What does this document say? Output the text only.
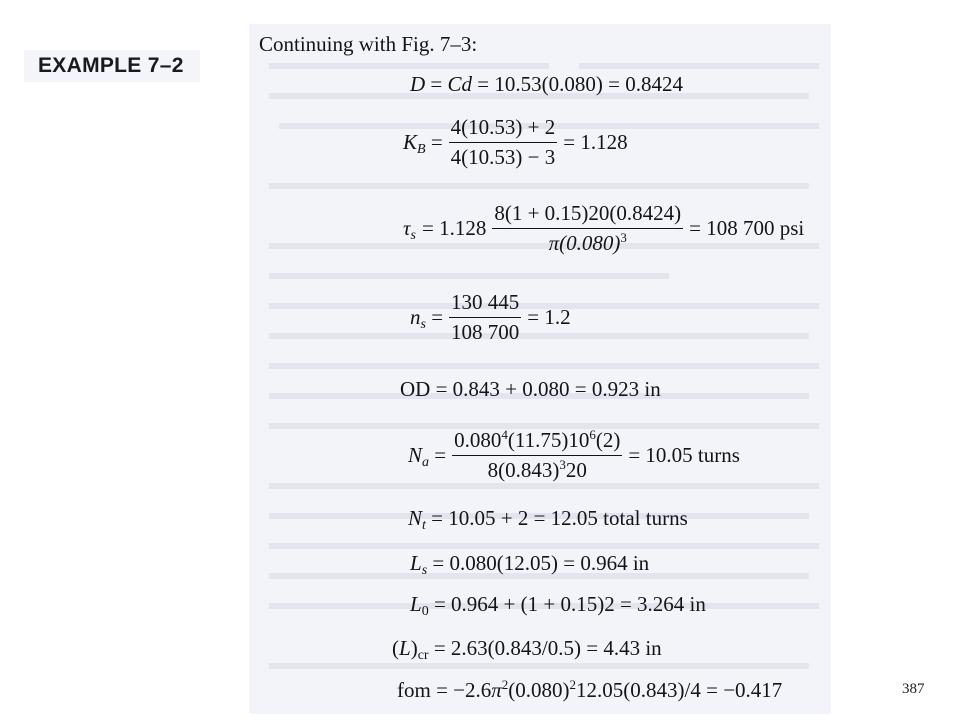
EXAMPLE 7–2
Continuing with Fig. 7–3:
D = Cd = 10.53(0.080) = 0.8424
$K_B = \frac{4(10.53) + 2}{4(10.53) - 3} = 1.128$
$\tau_s = 1.128 \frac{8(1 + 0.15)20(0.8424)}{\pi(0.080)^3} = 108$ 700 psi
$n_s = \frac{130 445}{108 700} = 1.2$
OD = 0.843 + 0.080 = 0.923 in
$N_a = \frac{0.080^4(11.75)10^6(2)}{8(0.843)^320} = 10.05$ turns
$N_t = 10.05 + 2 = 12.05$ total turns
$L_s = 0.080(12.05) = 0.964$ in
$L_0 = 0.964 + (1 + 0.15)2 = 3.264$ in
$(L)_{cr} = 2.63(0.843/0.5) = 4.43$ in
fom = $-2.6\pi^2(0.080)^212.05(0.843)/4 = -0.417$	387
